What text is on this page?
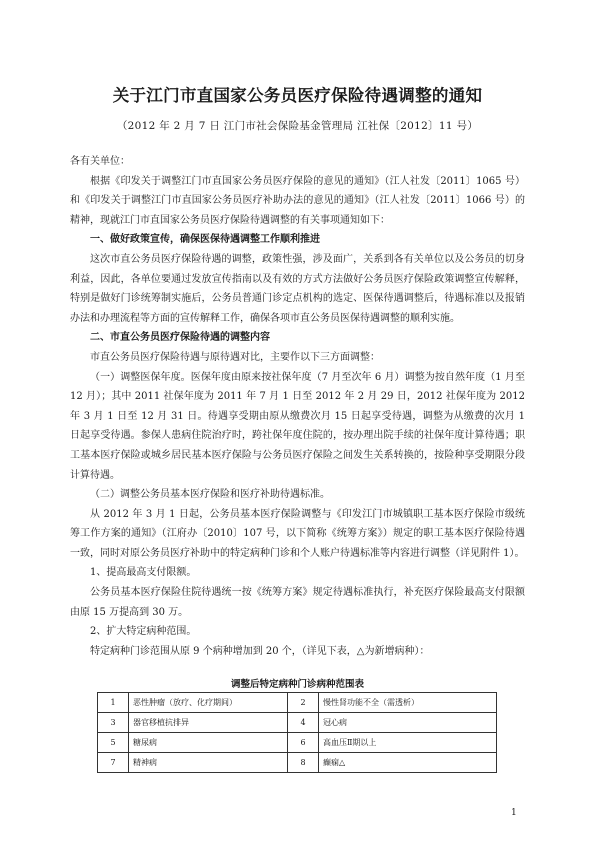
关于江门市直国家公务员医疗保险待遇调整的通知
（2012 年 2 月 7 日 江门市社会保险基金管理局 江社保〔2012〕11 号）

各有关单位：

根据《印发关于调整江门市直国家公务员医疗保险的意见的通知》（江人社发〔2011〕1065 号）和《印发关于调整江门市直国家公务员医疗补助办法的意见的通知》（江人社发〔2011〕1066 号）的精神，现就江门市直国家公务员医疗保险待遇调整的有关事项通知如下：

一、做好政策宣传，确保医保待遇调整工作顺利推进

这次市直公务员医疗保险待遇的调整，政策性强，涉及面广，关系到各有关单位以及公务员的切身利益，因此，各单位要通过发放宣传指南以及有效的方式方法做好公务员医疗保险政策调整宣传解释，特别是做好门诊统筹制实施后，公务员普通门诊定点机构的选定、医保待遇调整后，待遇标准以及报销办法和办理流程等方面的宣传解释工作，确保各项市直公务员医保待遇调整的顺利实施。

二、市直公务员医疗保险待遇的调整内容

市直公务员医疗保险待遇与原待遇对比，主要作以下三方面调整：

（一）调整医保年度。医保年度由原来按社保年度（7 月至次年 6 月）调整为按自然年度（1 月至 12 月）；其中 2011 社保年度为 2011 年 7 月 1 日至 2012 年 2 月 29 日，2012 社保年度为 2012 年 3 月 1 日至 12 月 31 日。待遇享受期由原从缴费次月 15 日起享受待遇，调整为从缴费的次月 1 日起享受待遇。参保人患病住院治疗时，跨社保年度住院的，按办理出院手续的社保年度计算待遇；职工基本医疗保险或城乡居民基本医疗保险与公务员医疗保险之间发生关系转换的，按险种享受期限分段计算待遇。

（二）调整公务员基本医疗保险和医疗补助待遇标准。

从 2012 年 3 月 1 日起，公务员基本医疗保险调整与《印发江门市城镇职工基本医疗保险市级统筹工作方案的通知》（江府办〔2010〕107 号，以下简称《统筹方案》）规定的职工基本医疗保险待遇一致，同时对原公务员医疗补助中的特定病种门诊和个人账户待遇标准等内容进行调整（详见附件 1）。

1、提高最高支付限额。

公务员基本医疗保险住院待遇统一按《统筹方案》规定待遇标准执行，补充医疗保险最高支付限额由原 15 万提高到 30 万。

2、扩大特定病种范围。

特定病种门诊范围从原 9 个病种增加到 20 个，（详见下表，△为新增病种）：

调整后特定病种门诊病种范围表
1	恶性肿瘤（放疗、化疗期间）	2	慢性肾功能不全（需透析）
3	器官移植抗排异	4	冠心病
5	糖尿病	6	高血压Ⅱ期以上
7	精神病	8	癫痫△
1
